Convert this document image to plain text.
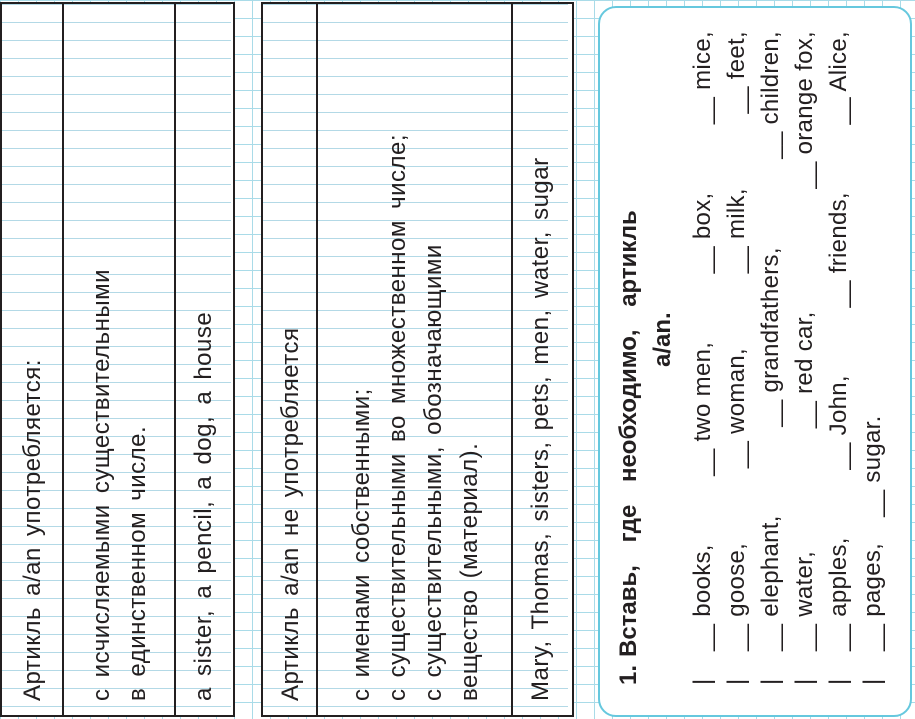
Артикль a/an употребляется: с исчисляемыми существительными в единственном числе. a sister, a pencil, a dog, a house	Артикль a/an не употребляется с именами собственными; с существительными во множественном числе; с существительными, обозначающими вещество (материал). Mary, Thomas, sisters, pets, men, water, sugar	1.
Вставь, где необходимо, артикль a/an.
|
__ books,
__ two men,
__ box,
__ mice,
|
__ goose,
__ woman,
__ milk,
__ feet,
|
__ elephant,
__ grandfathers,
__ children,
|
__ water,
__ red car,
__ orange fox,
|
__ apples,
__ John,
__ friends,
__ Alice,
|
__ pages,
__ sugar.
